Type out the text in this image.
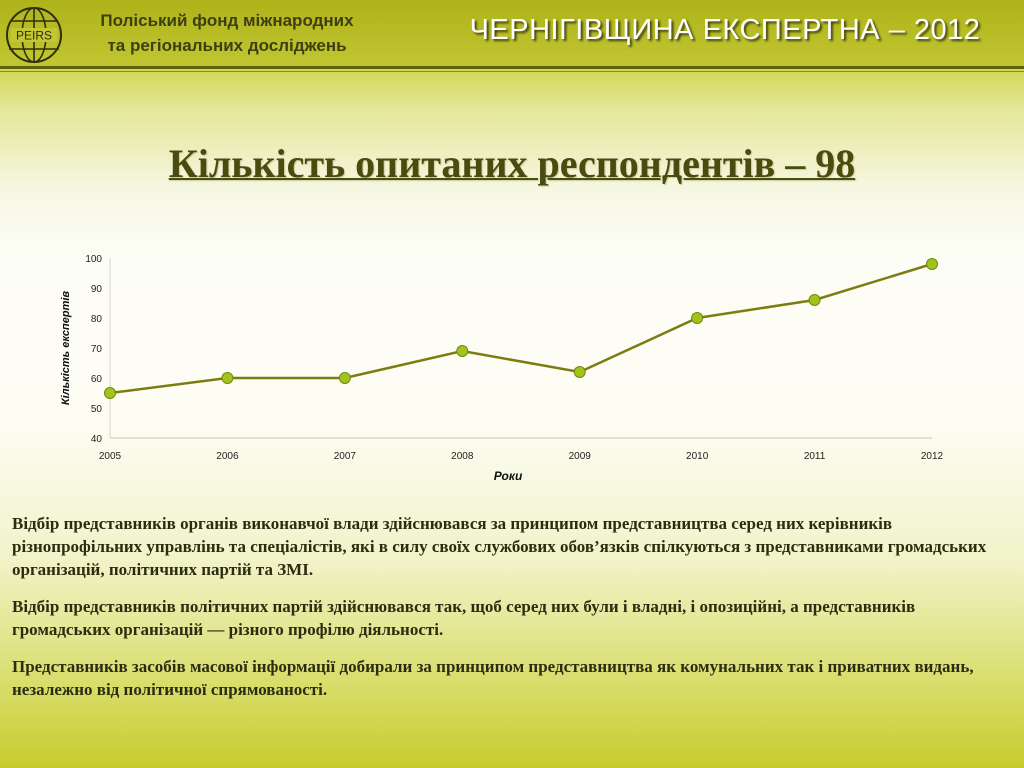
PEIRS
Поліський фонд міжнародних
та регіональних досліджень	ЧЕРНІГІВЩИНА ЕКСПЕРТНА – 2012
Кількість опитаних респондентів – 98
40
50
60
70
80
90
100
2005	2006	2007	2008	2009	2010	2011	2012
Кількість експертів
Роки

Відбір представників органів виконавчої влади здійснювався за принципом представництва серед них керівників різнопрофільних управлінь та спеціалістів, які в силу своїх службових обов’язків спілкуються з представниками громадських організацій, політичних партій та ЗМІ.

Відбір представників політичних партій здійснювався так, щоб серед них були і владні, і опозиційні, а представників громадських організацій — різного профілю діяльності.

Представників засобів масової інформації добирали за принципом представництва як комунальних так і приватних видань, незалежно від політичної спрямованості.
